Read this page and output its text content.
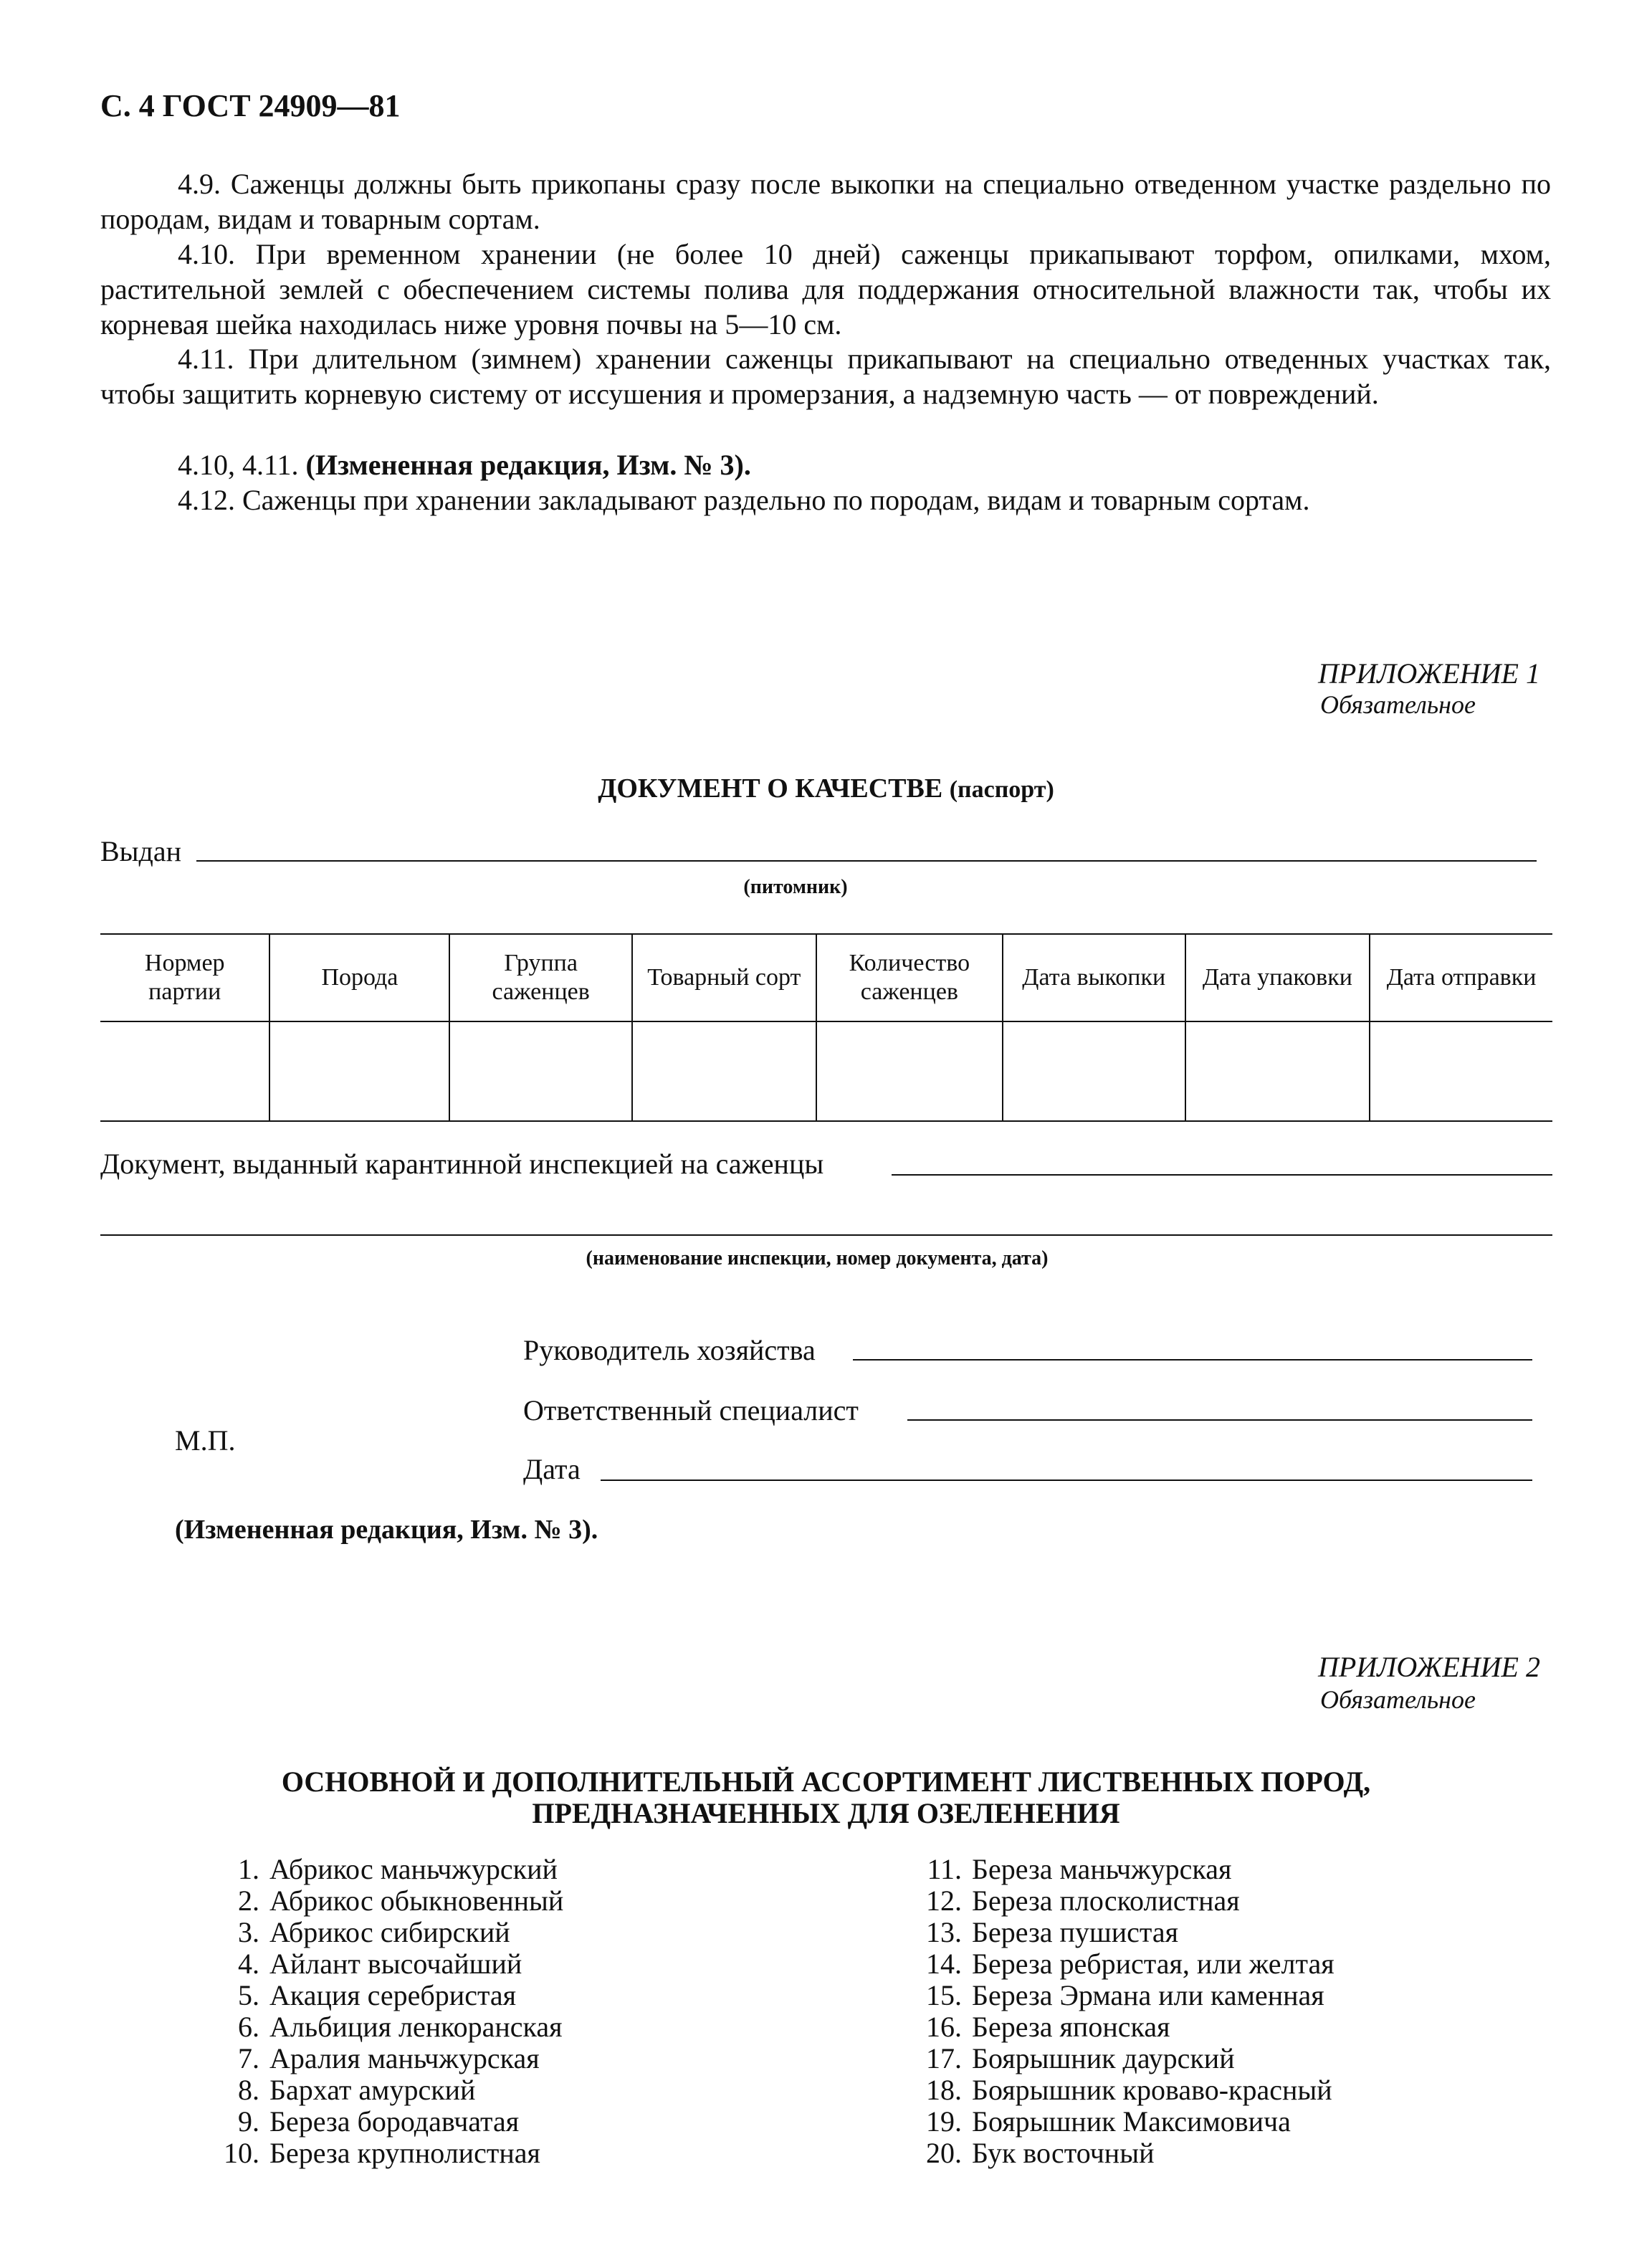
С. 4 ГОСТ 24909—81
4.9. Саженцы должны быть прикопаны сразу после выкопки на специально отведенном участке раздельно по породам, видам и товарным сортам.
4.10. При временном хранении (не более 10 дней) саженцы прикапывают торфом, опилками, мхом, растительной землей с обеспечением системы полива для поддержания относительной влажности так, чтобы их корневая шейка находилась ниже уровня почвы на 5—10 см.
4.11. При длительном (зимнем) хранении саженцы прикапывают на специально отведенных участках так, чтобы защитить корневую систему от иссушения и промерзания, а надземную часть — от повреждений.
4.10, 4.11. (Измененная редакция, Изм. № 3).
4.12. Саженцы при хранении закладывают раздельно по породам, видам и товарным сортам.
ПРИЛОЖЕНИЕ 1
Обязательное
ДОКУМЕНТ О КАЧЕСТВЕ (паспорт)
Выдан
(питомник)
Нормер партии	Порода	Группа саженцев	Товарный сорт	Количество саженцев	Дата выкопки	Дата упаковки	Дата отправки

Документ, выданный карантинной инспекцией на саженцы
(наименование инспекции, номер документа, дата)
Руководитель хозяйства
Ответственный специалист
М.П.
Дата
(Измененная редакция, Изм. № 3).
ПРИЛОЖЕНИЕ 2
Обязательное
ОСНОВНОЙ И ДОПОЛНИТЕЛЬНЫЙ АССОРТИМЕНТ ЛИСТВЕННЫХ ПОРОД,
ПРЕДНАЗНАЧЕННЫХ ДЛЯ ОЗЕЛЕНЕНИЯ
1. Абрикос маньчжурский
2. Абрикос обыкновенный
3. Абрикос сибирский
4. Айлант высочайший
5. Акация серебристая
6. Альбиция ленкоранская
7. Аралия маньчжурская
8. Бархат амурский
9. Береза бородавчатая
10. Береза крупнолистная
11. Береза маньчжурская
12. Береза плосколистная
13. Береза пушистая
14. Береза ребристая, или желтая
15. Береза Эрмана или каменная
16. Береза японская
17. Боярышник даурский
18. Боярышник кроваво-красный
19. Боярышник Максимовича
20. Бук восточный
